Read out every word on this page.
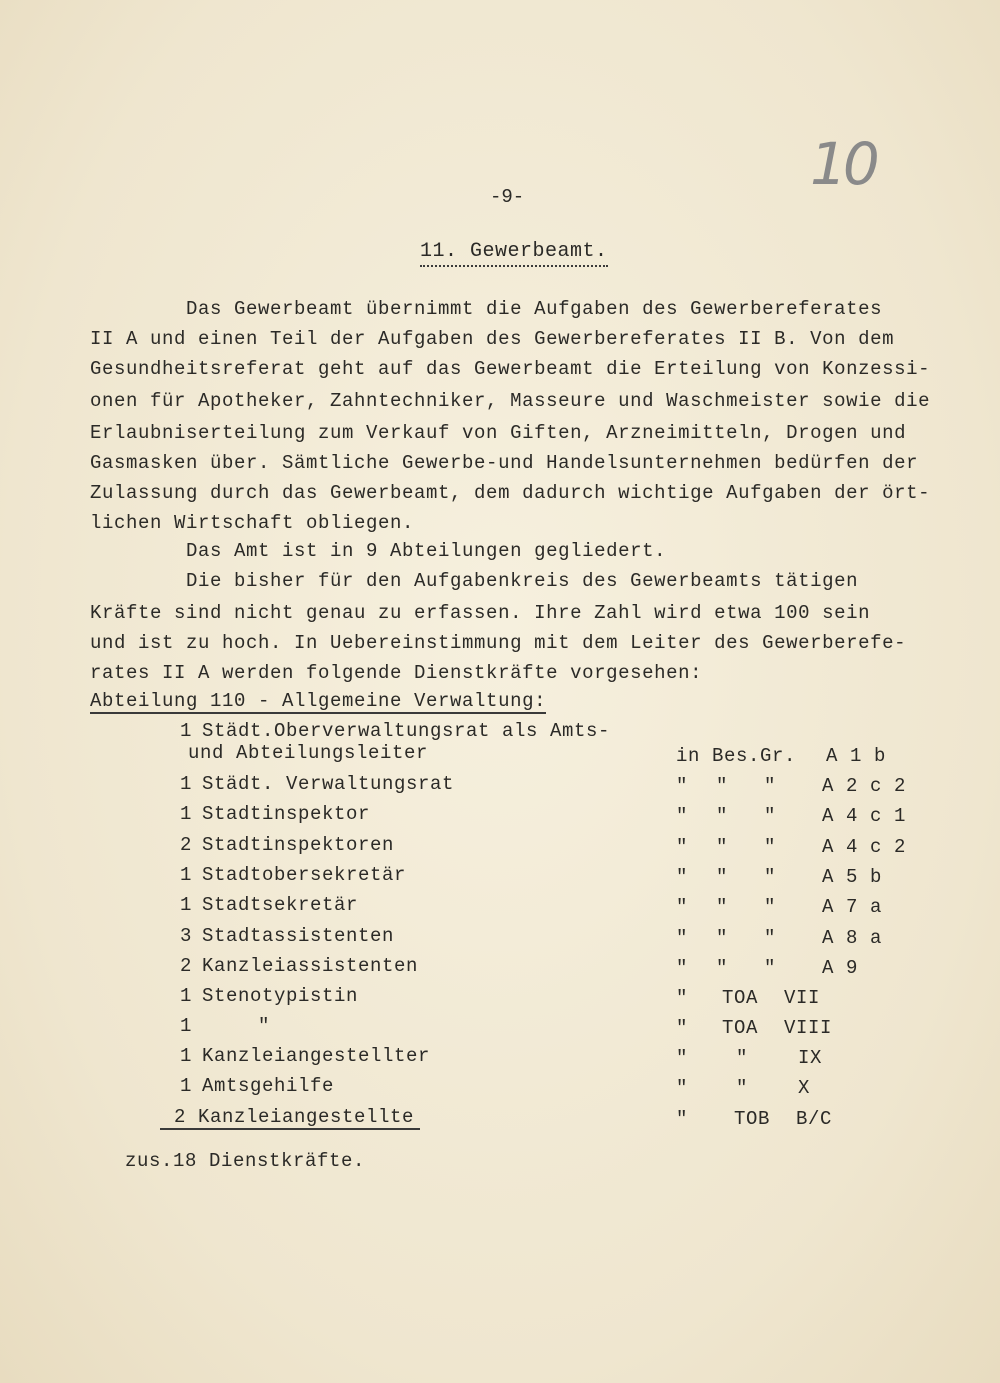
10
-9-
11. Gewerbeamt.
Das Gewerbeamt übernimmt die Aufgaben des Gewerbereferates
II A und einen Teil der Aufgaben des Gewerbereferates II B. Von dem
Gesundheitsreferat geht auf das Gewerbeamt die Erteilung von Konzessi-
onen für Apotheker, Zahntechniker, Masseure und Waschmeister sowie die
Erlaubniserteilung zum Verkauf von Giften, Arzneimitteln, Drogen und
Gasmasken über. Sämtliche Gewerbe-und Handelsunternehmen bedürfen der
Zulassung durch das Gewerbeamt, dem dadurch wichtige Aufgaben der ört-
lichen Wirtschaft obliegen.
Das Amt ist in 9 Abteilungen gegliedert.
Die bisher für den Aufgabenkreis des Gewerbeamts tätigen
Kräfte sind nicht genau zu erfassen. Ihre Zahl wird etwa 100 sein
und ist zu hoch. In Uebereinstimmung mit dem Leiter des Gewerberefe-
rates II A werden folgende Dienstkräfte vorgesehen:
Abteilung 110 - Allgemeine Verwaltung:
1 Städt.Oberverwaltungsrat als Amts-
und Abteilungsleiter	in Bes. Gr. A 1 b
1 Städt. Verwaltungsrat	" " " A 2 c 2
1 Stadtinspektor	" " " A 4 c 1
2 Stadtinspektoren	" " " A 4 c 2
1 Stadtobersekretär	" " " A 5 b
1 Stadtsekretär	" " " A 7 a
3 Stadtassistenten	" " " A 8 a
2 Kanzleiassistenten	" " " A 9
1 Stenotypistin	" TOA VII
1 "	" TOA VIII
1 Kanzleiangestellter	"	"	IX
1 Amtsgehilfe	"	"	X
2 Kanzleiangestellte	" TOB B/C
zus.18 Dienstkräfte.
